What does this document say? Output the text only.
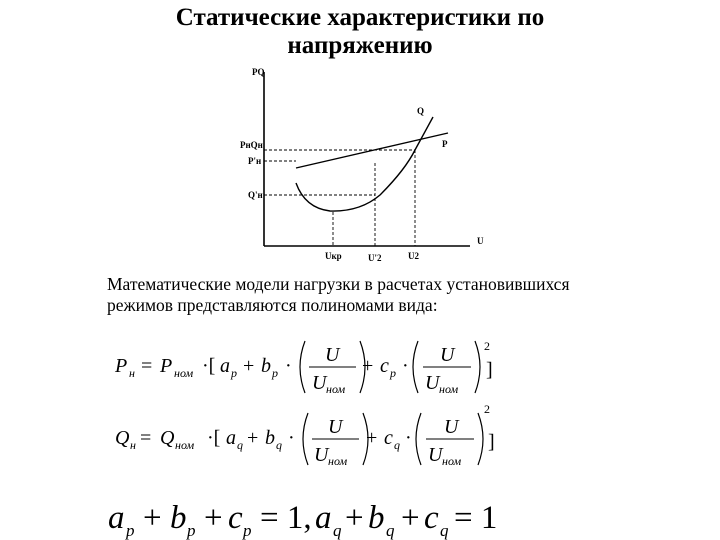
Статические характеристики по
напряжению
PQ
U
Q
P
PнQн
P'н
Q'н
Uкр	U'2	U2
Математические модели нагрузки в расчетах установившихся
режимов представляются полиномами вида:
P н = P ном ·[ a p + b p · U
U ном
+ c p · U
U ном
2
]
Q н = Q ном ·[ a q + b q · U
U ном
+ c q · U
U ном
2
]
a p + b p + c p = 1, a q + b q + c q = 1
